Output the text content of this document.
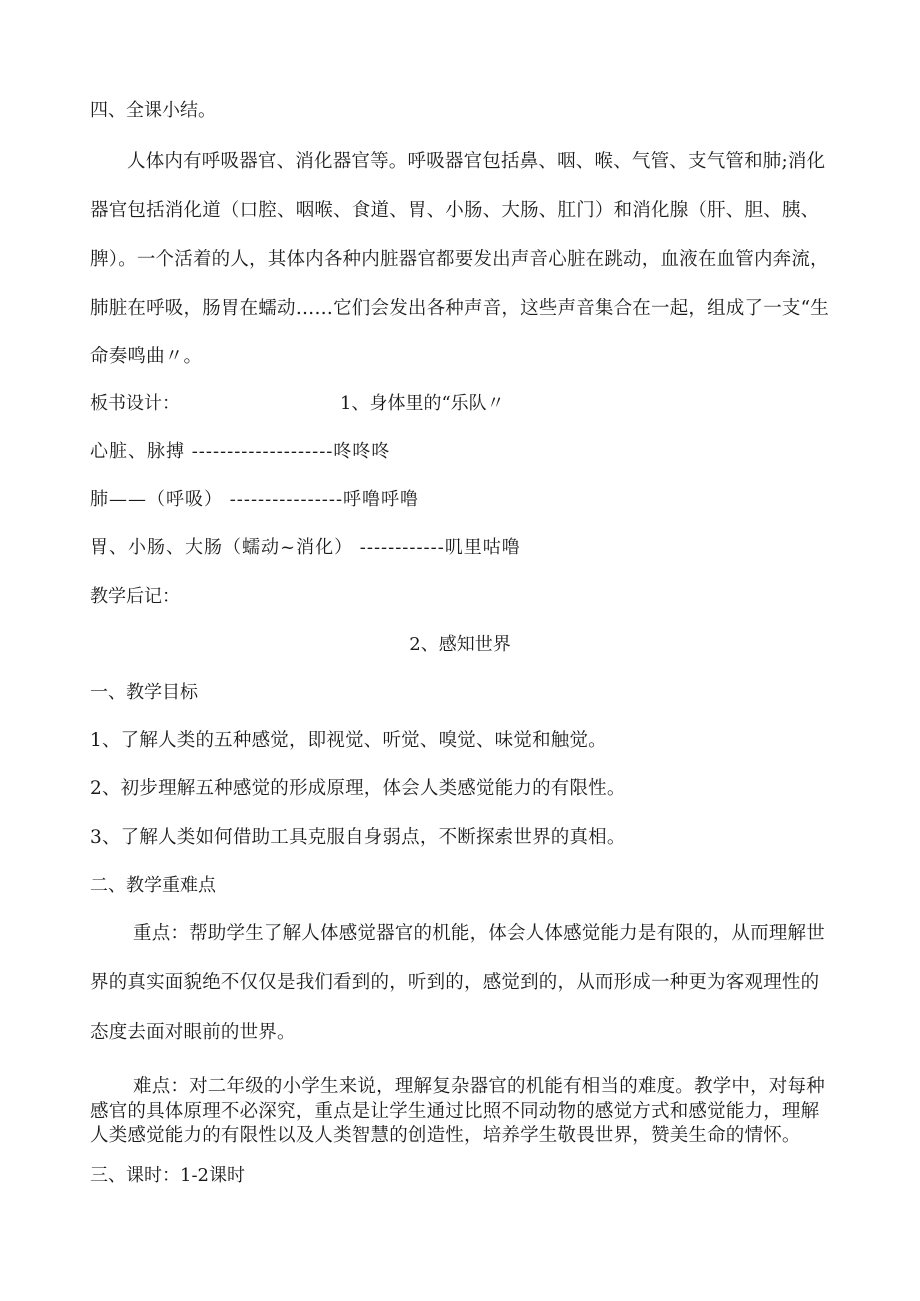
四、全课小结。

人体内有呼吸器官、消化器官等。呼吸器官包括鼻、咽、喉、气管、支气管和肺;消化

器官包括消化道（口腔、咽喉、食道、胃、小肠、大肠、肛门）和消化腺（肝、胆、胰、

脾）。一个活着的人，其体内各种内脏器官都要发出声音心脏在跳动，血液在血管内奔流，

肺脏在呼吸，肠胃在蠕动……它们会发出各种声音，这些声音集合在一起，组成了一支“生

命奏鸣曲〃。

板书设计：	1、身体里的“乐队〃

心脏、脉搏 --------------------咚咚咚

肺——（呼吸） ----------------呼噜呼噜

胃、小肠、大肠（蠕动~消化） ------------叽里咕噜

教学后记：

2、感知世界

一、教学目标

1、了解人类的五种感觉，即视觉、听觉、嗅觉、味觉和触觉。

2、初步理解五种感觉的形成原理，体会人类感觉能力的有限性。

3、了解人类如何借助工具克服自身弱点，不断探索世界的真相。

二、教学重难点

重点：帮助学生了解人体感觉器官的机能，体会人体感觉能力是有限的，从而理解世

界的真实面貌绝不仅仅是我们看到的，听到的，感觉到的，从而形成一种更为客观理性的

态度去面对眼前的世界。

难点：对二年级的小学生来说，理解复杂器官的机能有相当的难度。教学中，对每种

感官的具体原理不必深究，重点是让学生通过比照不同动物的感觉方式和感觉能力，理解

人类感觉能力的有限性以及人类智慧的创造性，培养学生敬畏世界，赞美生命的情怀。

三、课时：1-2课时
